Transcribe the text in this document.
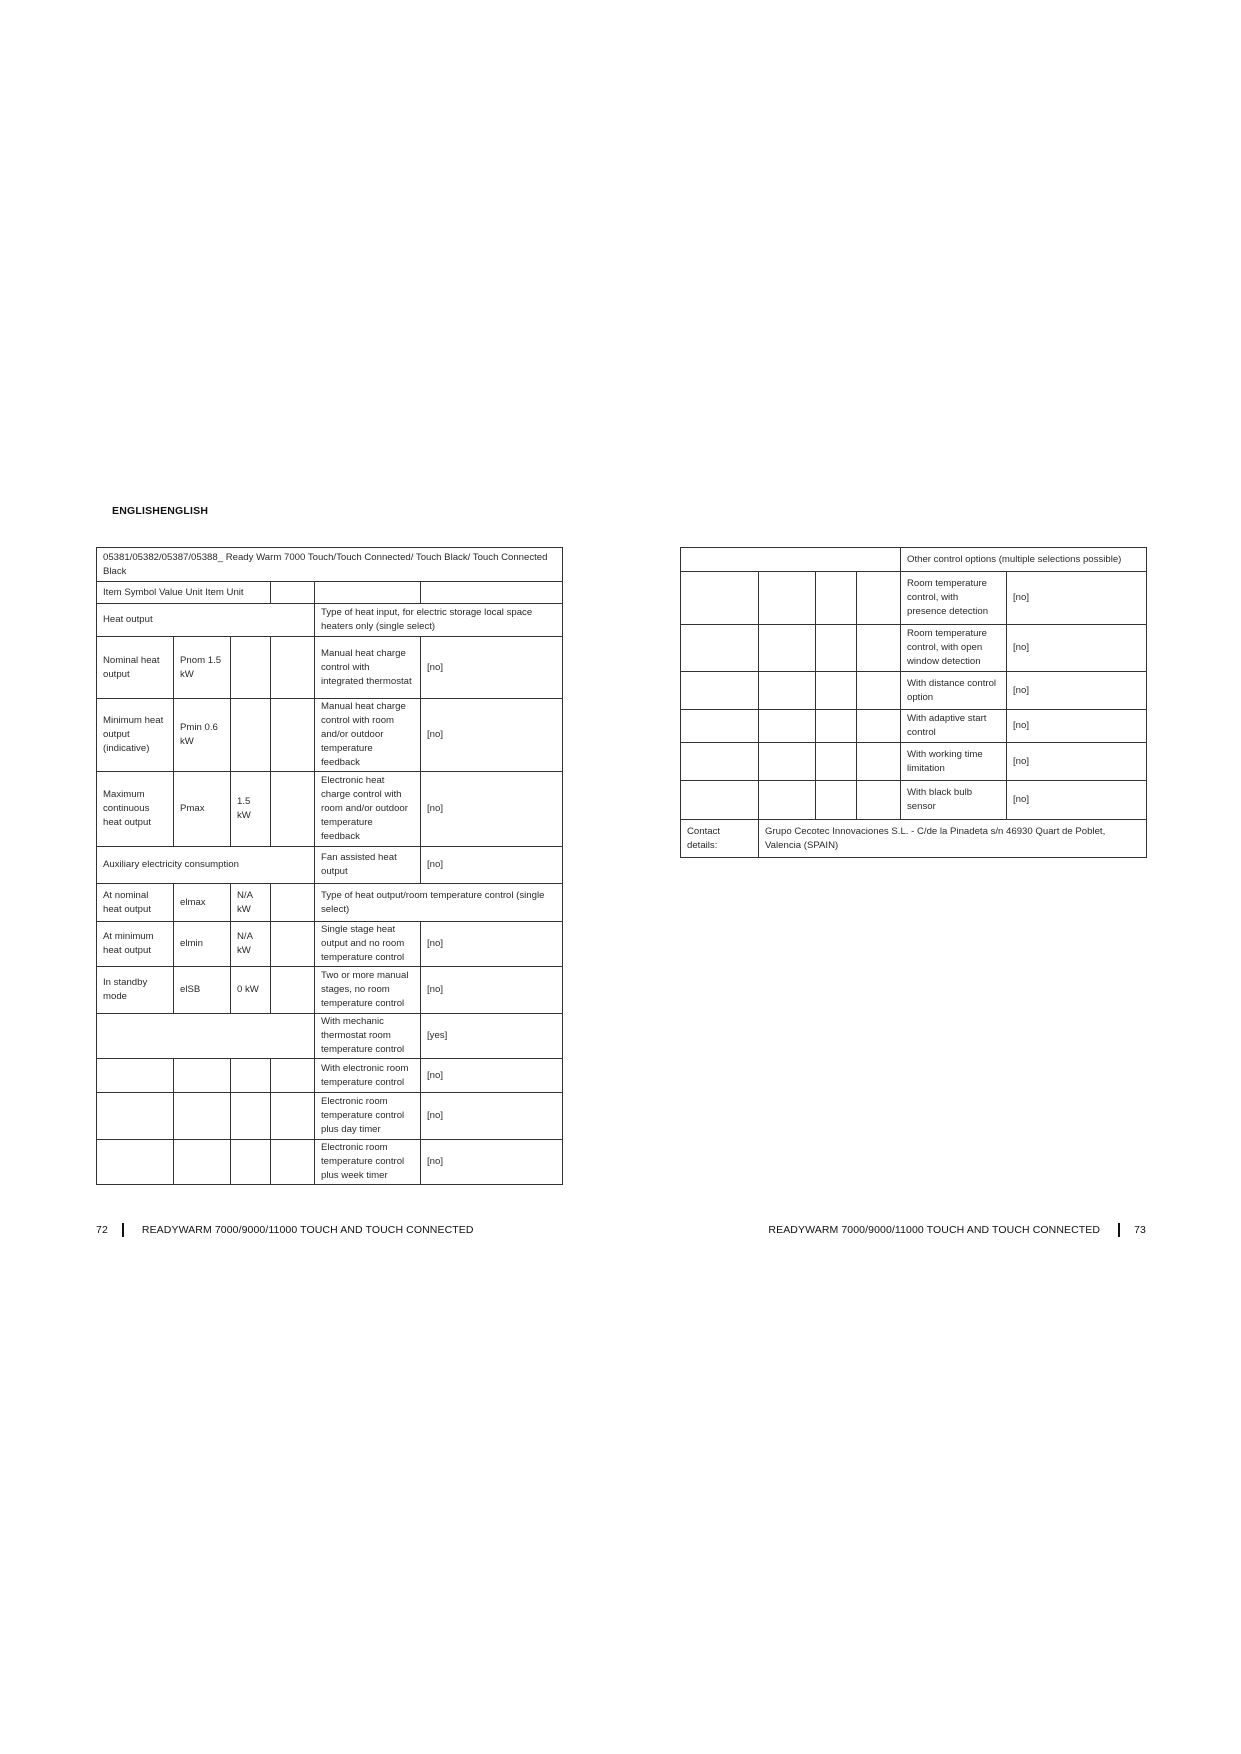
ENGLISHENGLISH
05381/05382/05387/05388_ Ready Warm 7000 Touch/Touch Connected/ Touch Black/ Touch Connected Black					
Item Symbol Value Unit Item Unit					
Heat output				Type of heat input, for electric storage local space heaters only (single select)	
Nominal heat output	Pnom 1.5 kW			Manual heat charge control with integrated thermostat	[no]
Minimum heat output (indicative)	Pmin 0.6 kW			Manual heat charge control with room and/or outdoor temperature feedback	[no]
Maximum continuous heat output	Pmax	1.5 kW		Electronic heat charge control with room and/or outdoor temperature feedback	[no]
Auxiliary electricity consumption				Fan assisted heat output	[no]
At nominal heat output	elmax	N/A kW		Type of heat output/room temperature control (single select)	
At minimum heat output	elmin	N/A kW		Single stage heat output and no room temperature control	[no]
In standby mode	elSB	0 kW		Two or more manual stages, no room temperature control	[no]
				With mechanic thermostat room temperature control	[yes]
				With electronic room temperature control	[no]
				Electronic room temperature control plus day timer	[no]
				Electronic room temperature control plus week timer	[no]
				Other control options (multiple selections possible)	
				Room temperature control, with presence detection	[no]
				Room temperature control, with open window detection	[no]
				With distance control option	[no]
				With adaptive start control	[no]
				With working time limitation	[no]
				With black bulb sensor	[no]
Contact details:	Grupo Cecotec Innovaciones S.L. - C/de la Pinadeta s/n 46930 Quart de Poblet, Valencia (SPAIN)				
72	READYWARM 7000/9000/11000 TOUCH AND TOUCH CONNECTED	READYWARM 7000/9000/11000 TOUCH AND TOUCH CONNECTED	73
